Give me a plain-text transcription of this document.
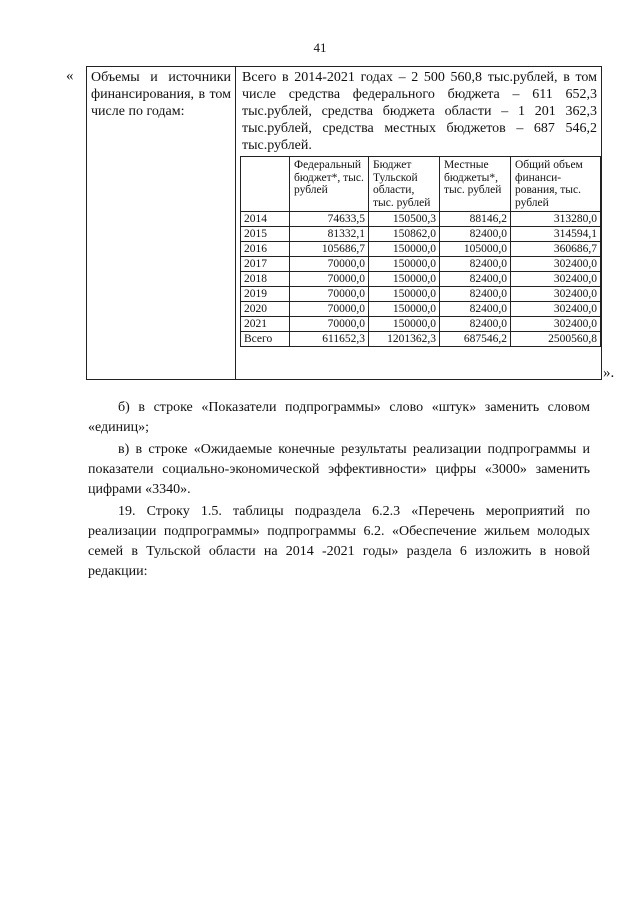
41
« Объемы и источники финансирования, в том числе по годам:	
Всего в 2014-2021 годах – 2 500 560,8 тыс.рублей, в том числе средства федерального бюджета – 611 652,3 тыс.рублей, средства бюджета области – 1 201 362,3 тыс.рублей, средства местных бюджетов – 687 546,2 тыс.рублей.
	Федеральный бюджет*, тыс. рублей	Бюджет Тульской области, тыс. рублей	Местные бюджеты*, тыс. рублей	Общий объем финанси-рования, тыс. рублей
2014	74633,5	150500,3	88146,2	313280,0
2015	81332,1	150862,0	82400,0	314594,1
2016	105686,7	150000,0	105000,0	360686,7
2017	70000,0	150000,0	82400,0	302400,0
2018	70000,0	150000,0	82400,0	302400,0
2019	70000,0	150000,0	82400,0	302400,0
2020	70000,0	150000,0	82400,0	302400,0
2021	70000,0	150000,0	82400,0	302400,0
Всего	611652,3	1201362,3	687546,2	2500560,8
».
б) в строке «Показатели подпрограммы» слово «штук» заменить словом «единиц»;
в) в строке «Ожидаемые конечные результаты реализации подпрограммы и показатели социально-экономической эффективности» цифры «3000» заменить цифрами «3340».
19. Строку 1.5. таблицы подраздела 6.2.3 «Перечень мероприятий по реализации подпрограммы» подпрограммы 6.2. «Обеспечение жильем молодых семей в Тульской области на 2014 -2021 годы» раздела 6 изложить в новой редакции:
